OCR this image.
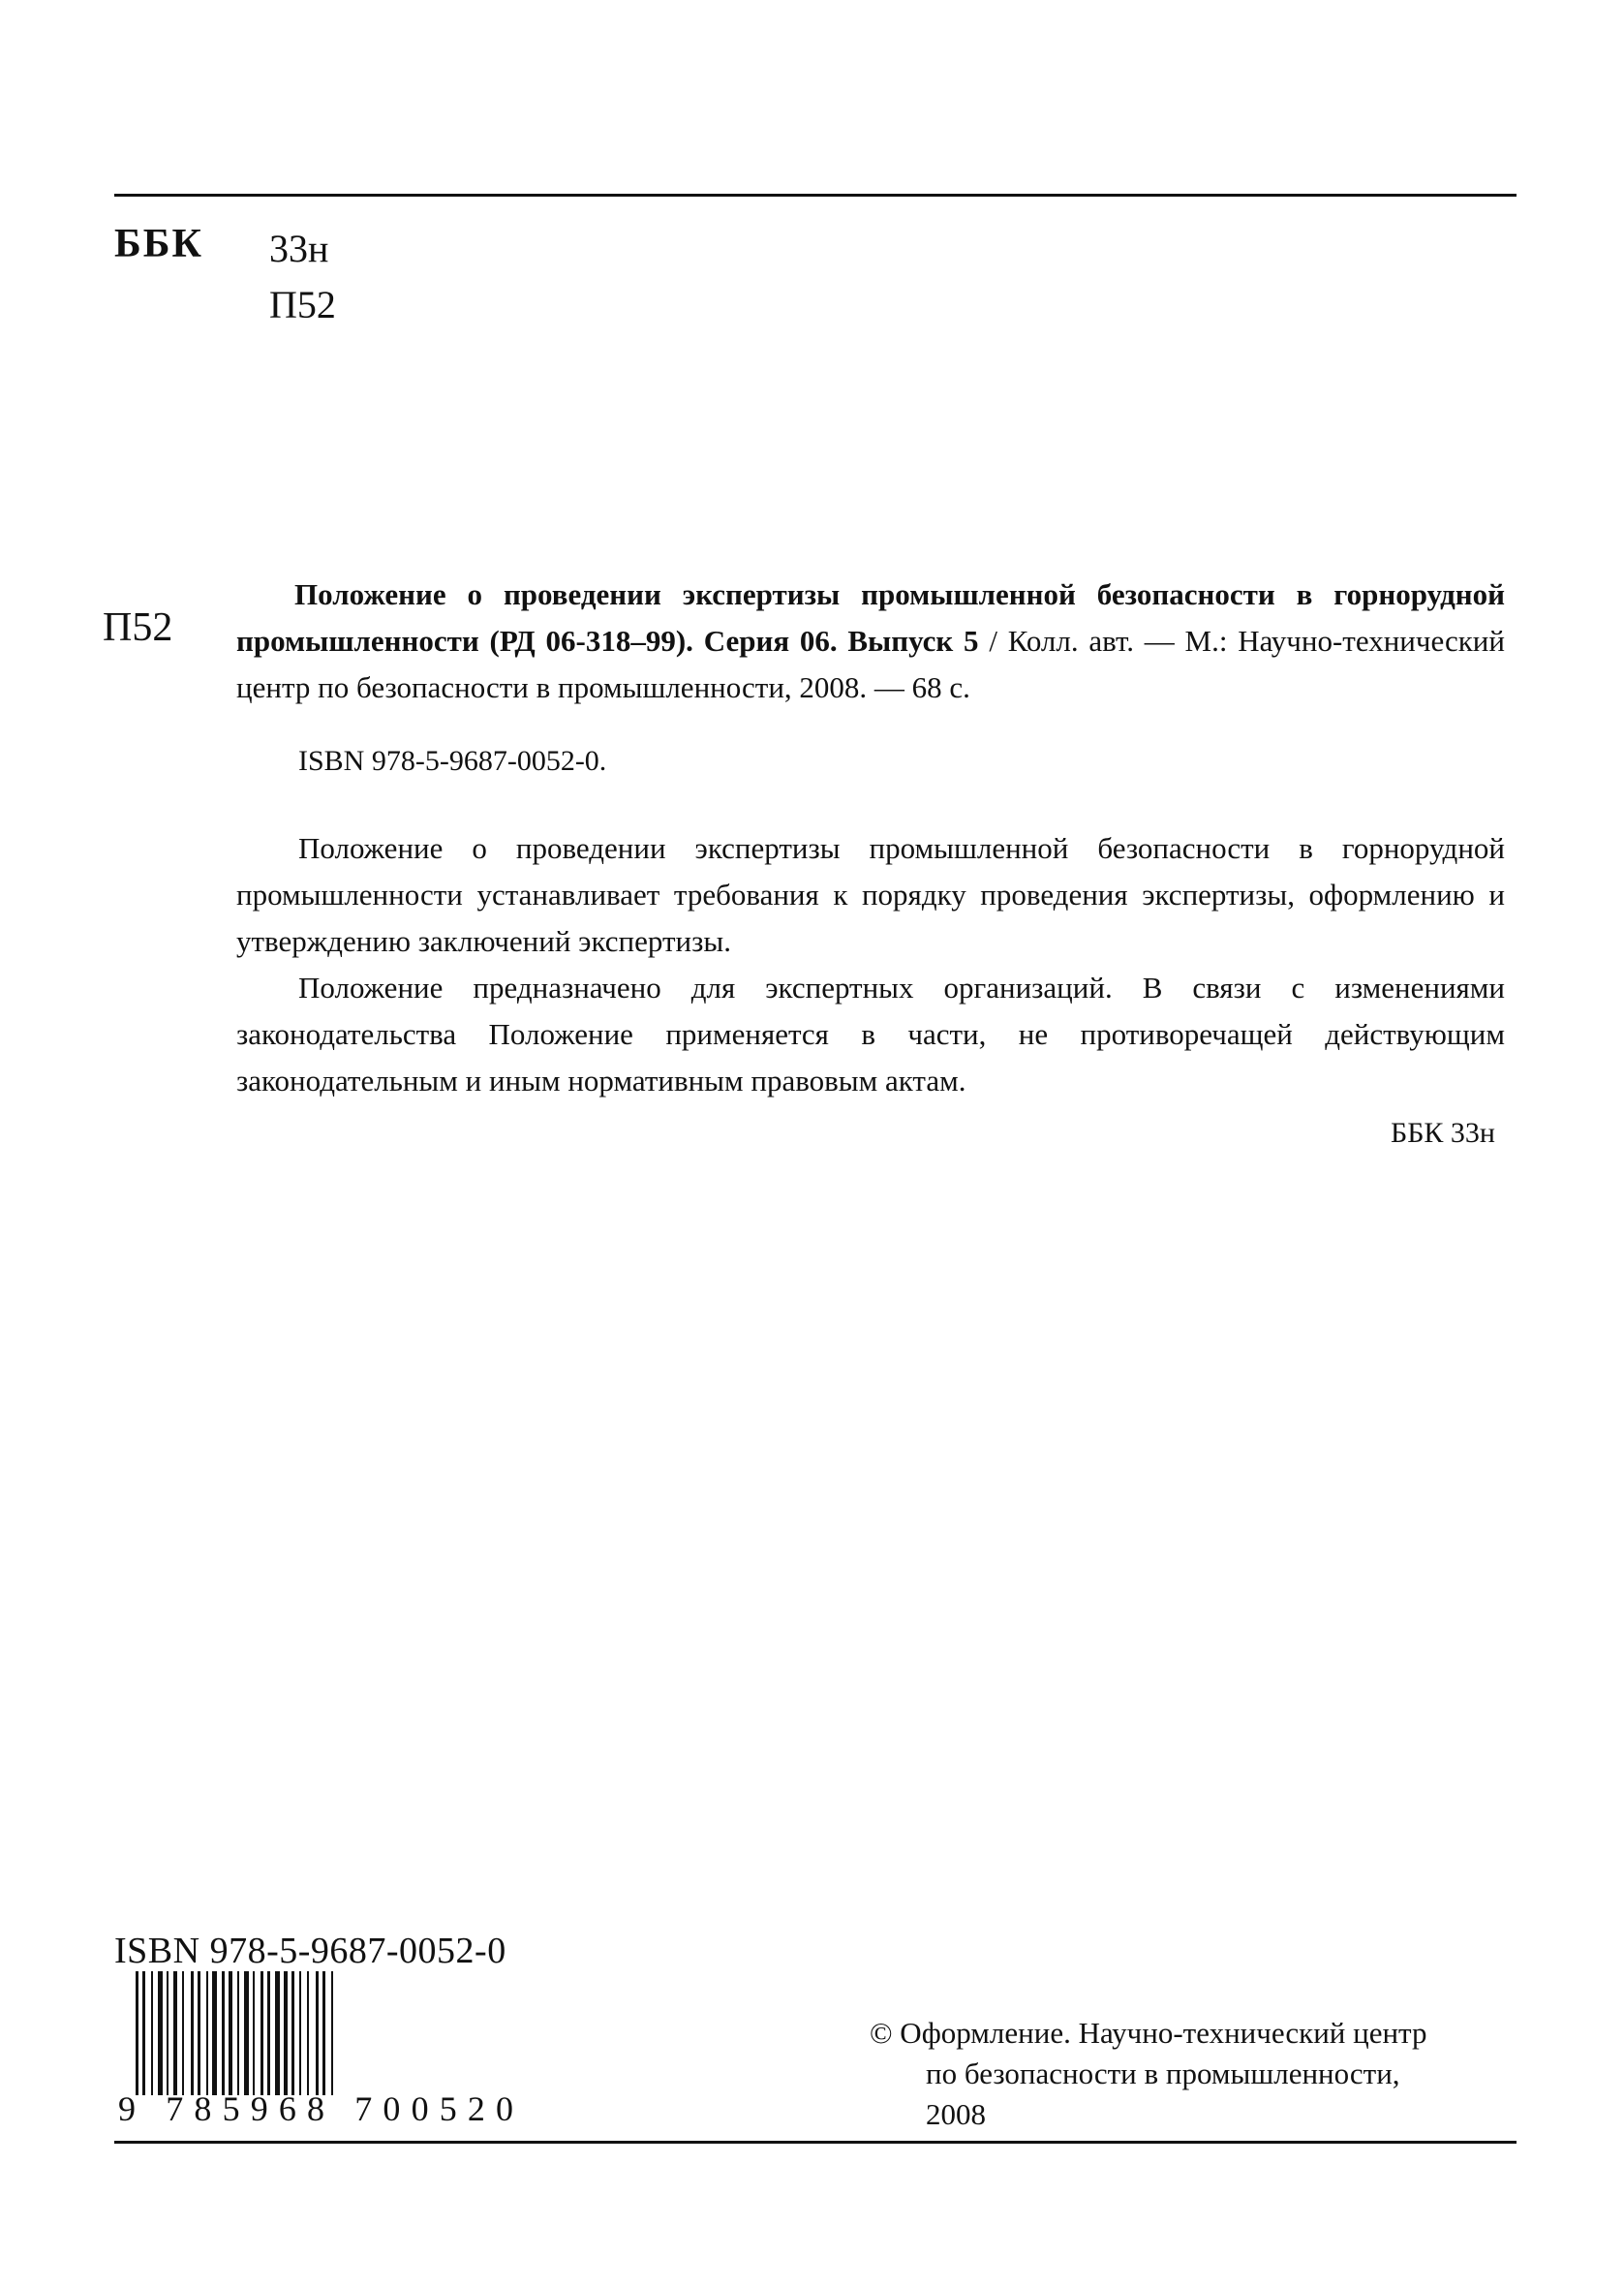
ББК 33н
П52
П52

Положение о проведении экспертизы промышленной безопасности в горнорудной промышленности (РД 06-318–99). Серия 06. Выпуск 5 / Колл. авт. — М.: Научно-технический центр по безопасности в промышленности, 2008. — 68 с.

ISBN 978-5-9687-0052-0.

Положение о проведении экспертизы промышленной безопасности в горнорудной промышленности устанавливает требования к порядку проведения экспертизы, оформлению и утверждению заключений экспертизы.

Положение предназначено для экспертных организаций. В связи с изменениями законодательства Положение применяется в части, не противоречащей действующим законодательным и иным нормативным правовым актам.

ББК 33н
ISBN 978-5-9687-0052-0
9 785968 700520
© Оформление. Научно-технический центр
по безопасности в промышленности,
2008
